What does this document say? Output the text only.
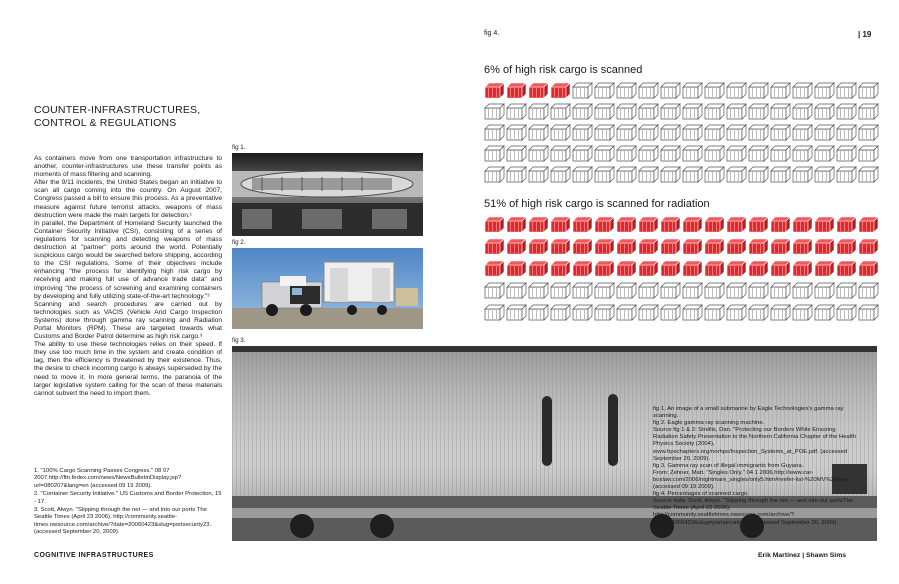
fig 4.	| 19
COUNTER-INFRASTRUCTURES,
CONTROL & REGULATIONS

As containers move from one transportation infrastructure to another, counter-infrastructures use these transfer points as moments of mass filtering and scanning.

After the 9/11 incidents, the United States began an initiative to scan all cargo coming into the country. On August 2007, Congress passed a bill to ensure this process. As a preventative measure against future terrorist attacks, weapons of mass destruction were made the main targets for detection.¹

In parallel, the Department of Homeland Security launched the Container Security Initiative (CSI), consisting of a series of regulations for scanning and detecting weapons of mass destruction at "partner" ports around the world. Potentially suspicious cargo would be searched before shipping, according to the CSI regulations. Some of their objectives include enhancing "the process for identifying high risk cargo by receiving and making full use of advance trade data" and improving "the process of screening and examining containers by developing and fully utilizing state-of-the-art technology."²

Scanning and search procedures are carried out by technologies such as VACIS (Vehicle And Cargo Inspection Systems) done through gamma ray scanning and Radiation Portal Monitors (RPM). These are targeted towards what Customs and Border Patrol determine as high risk cargo.³

The ability to use these technologies relies on their speed. If they use too much time in the system and create condition of lag, then the efficiency is threatened by their existence. Thus, the desire to check incoming cargo is always superseded by the need to move it. In more general terms, the paranoia of the larger legislative system calling for the scan of these materials cannot subvert the need to import them.

1. "100% Cargo Scanning Passes Congress." 08 07 2007.http://ftn.fedex.com/news/NewsBulletinDisplay.jsp?url=080207&lang=en (accessed 09 19 2009).

2. "Container Security Initiative." US Customs and Border Protection, 15 - 17.

3. Scott, Alwyn. "Slipping through the net — and into our ports The Seattle Times (April 23 2006), http://community.seattle-times.nwsource.com/archive/?date=20060423&slug=portsecurity23. (accessed September 20, 2009).

fig 1.
fig 2.
fig 3.

fig 1. An image of a small submarine by Eagle Technologies's gamma ray scanning.

fig 2. Eagle gamma ray scanning machine.

Source fig 1 & 2: Strellis, Dan. "Protecting our Borders While Ensuring Radiation Safety Presentation to the Northern California Chapter of the Health Physics Society (2004), www.hpschapters.org/norhps/Inspection_Systems_at_POE.pdf. (accessed September 20, 2009).

fig 3. Gamma ray scan of illegal immigrants from Guyana.

From: Zehner, Matt. "Singles Only." 04 1 2006.http://www.car-boxlaw.com/2006/nightmare_singles/only5.htm#reefer-list-%20MV%20Ivoy (accessed 09 19 2009).

fig 4. Percentages of scanned cargo.

Source data: Scott, Alwyn. "Slipping through the net — and into our portsThe Seattle Times (April 23 2006), http://community.seattletimes.nwsource.com/archive/?date=20060423&slug=portsecurity23. (accessed September 20, 2009).

6% of high risk cargo is scanned
51% of high risk cargo is scanned for radiation
COGNITIVE INFRASTRUCTURES	Erik Martinez | Shawn Sims
